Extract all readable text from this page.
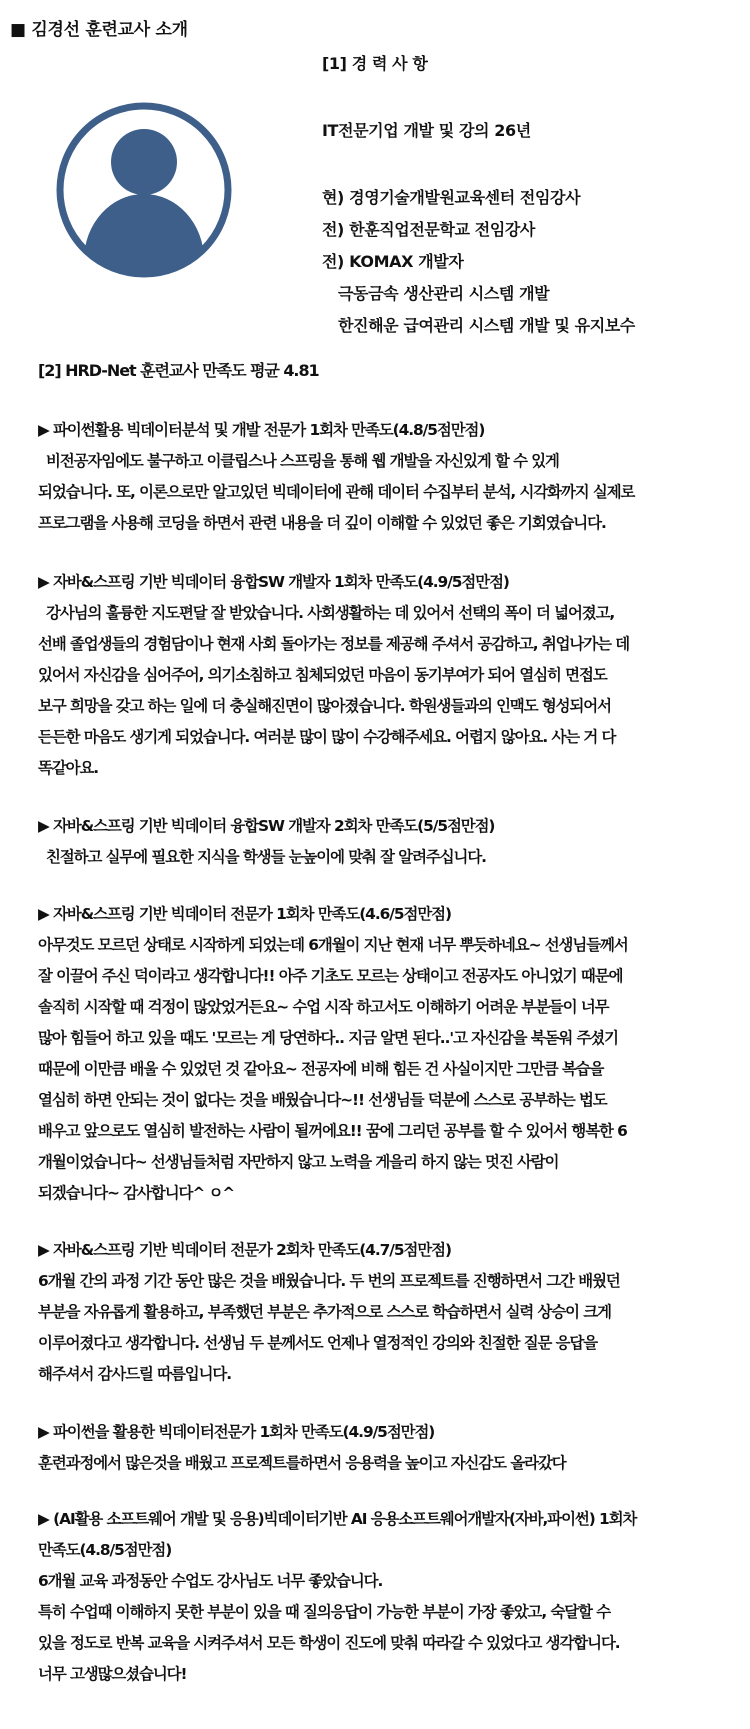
■ 김경선 훈련교사 소개
[1] 경 력 사 항
IT전문기업 개발 및 강의 26년
현) 경영기술개발원교육센터 전임강사
전) 한훈직업전문학교 전임강사
전) KOMAX 개발자
극동금속 생산관리 시스템 개발
한진해운 급여관리 시스템 개발 및 유지보수
[2] HRD-Net 훈련교사 만족도 평균 4.81
▶ 파이썬활용 빅데이터분석 및 개발 전문가 1회차 만족도(4.8/5점만점)
비전공자임에도 불구하고 이클립스나 스프링을 통해 웹 개발을 자신있게 할 수 있게
되었습니다. 또, 이론으로만 알고있던 빅데이터에 관해 데이터 수집부터 분석, 시각화까지 실제로
프로그램을 사용해 코딩을 하면서 관련 내용을 더 깊이 이해할 수 있었던 좋은 기회였습니다.
▶ 자바&스프링 기반 빅데이터 융합SW 개발자 1회차 만족도(4.9/5점만점)
강사님의 훌륭한 지도편달 잘 받았습니다. 사회생활하는 데 있어서 선택의 폭이 더 넓어졌고,
선배 졸업생들의 경험담이나 현재 사회 돌아가는 정보를 제공해 주셔서 공감하고, 취업나가는 데
있어서 자신감을 심어주어, 의기소침하고 침체되었던 마음이 동기부여가 되어 열심히 면접도
보구 희망을 갖고 하는 일에 더 충실해진면이 많아졌습니다. 학원생들과의 인맥도 형성되어서
든든한 마음도 생기게 되었습니다. 여러분 많이 많이 수강해주세요. 어렵지 않아요. 사는 거 다
똑같아요.
▶ 자바&스프링 기반 빅데이터 융합SW 개발자 2회차 만족도(5/5점만점)
친절하고 실무에 필요한 지식을 학생들 눈높이에 맞춰 잘 알려주십니다.
▶ 자바&스프링 기반 빅데이터 전문가 1회차 만족도(4.6/5점만점)
아무것도 모르던 상태로 시작하게 되었는데 6개월이 지난 현재 너무 뿌듯하네요~ 선생님들께서
잘 이끌어 주신 덕이라고 생각합니다!! 아주 기초도 모르는 상태이고 전공자도 아니었기 때문에
솔직히 시작할 때 걱정이 많았었거든요~ 수업 시작 하고서도 이해하기 어려운 부분들이 너무
많아 힘들어 하고 있을 때도 '모르는 게 당연하다.. 지금 알면 된다..'고 자신감을 북돋워 주셨기
때문에 이만큼 배울 수 있었던 것 같아요~ 전공자에 비해 힘든 건 사실이지만 그만큼 복습을
열심히 하면 안되는 것이 없다는 것을 배웠습니다~!! 선생님들 덕분에 스스로 공부하는 법도
배우고 앞으로도 열심히 발전하는 사람이 될꺼에요!! 꿈에 그리던 공부를 할 수 있어서 행복한 6
개월이었습니다~ 선생님들처럼 자만하지 않고 노력을 게을리 하지 않는 멋진 사람이
되겠습니다~ 감사합니다^ ㅇ^
▶ 자바&스프링 기반 빅데이터 전문가 2회차 만족도(4.7/5점만점)
6개월 간의 과정 기간 동안 많은 것을 배웠습니다. 두 번의 프로젝트를 진행하면서 그간 배웠던
부분을 자유롭게 활용하고, 부족했던 부분은 추가적으로 스스로 학습하면서 실력 상승이 크게
이루어졌다고 생각합니다. 선생님 두 분께서도 언제나 열정적인 강의와 친절한 질문 응답을
해주셔서 감사드릴 따름입니다.
▶ 파이썬을 활용한 빅데이터전문가 1회차 만족도(4.9/5점만점)
훈련과정에서 많은것을 배웠고 프로젝트를하면서 응용력을 높이고 자신감도 올라갔다
▶ (AI활용 소프트웨어 개발 및 응용)빅데이터기반 AI 응용소프트웨어개발자(자바,파이썬) 1회차
만족도(4.8/5점만점)
6개월 교육 과정동안 수업도 강사님도 너무 좋았습니다.
특히 수업때 이해하지 못한 부분이 있을 때 질의응답이 가능한 부분이 가장 좋았고, 숙달할 수
있을 정도로 반복 교육을 시켜주셔서 모든 학생이 진도에 맞춰 따라갈 수 있었다고 생각합니다.
너무 고생많으셨습니다!
